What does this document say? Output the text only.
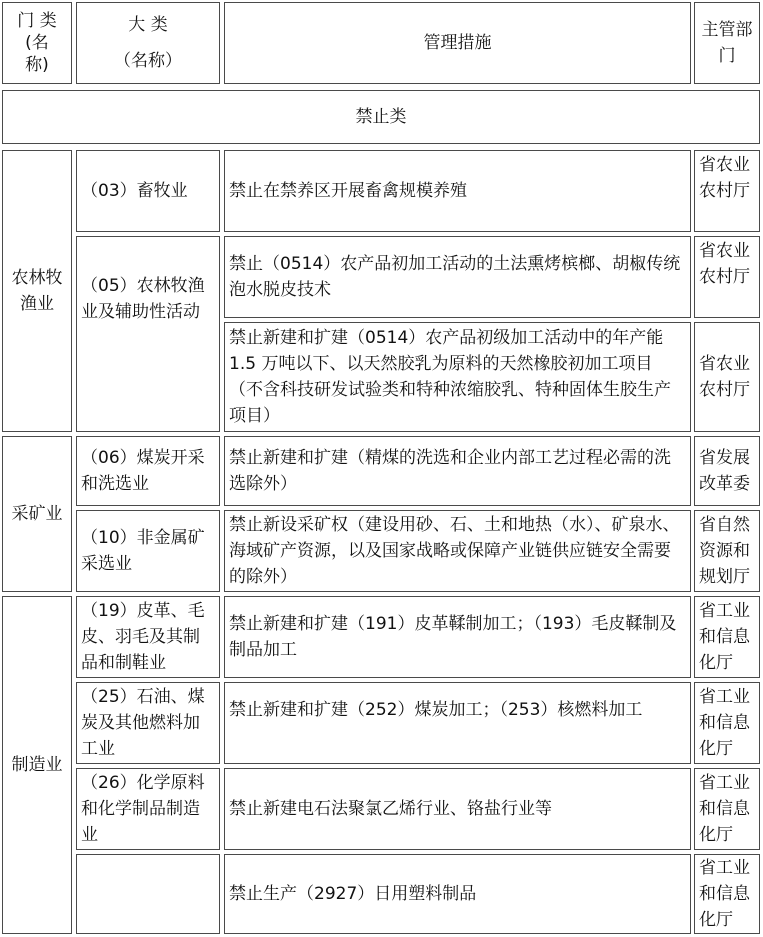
门 类
(名
称)
大 类
（名称）
管理措施
主管部门
禁止类
农林牧渔业
（03）畜牧业 禁止在禁养区开展畜禽规模养殖
省农业农村厅
（05）农林牧渔业及辅助性活动
禁止（0514）农产品初加工活动的土法熏烤槟榔、胡椒传统泡水脱皮技术
省农业农村厅
禁止新建和扩建（0514）农产品初级加工活动中的年产能 1.5 万吨以下、以天然胶乳为原料的天然橡胶初加工项目（不含科技研发试验类和特种浓缩胶乳、特种固体生胶生产项目）
省农业农村厅
采矿业
（06）煤炭开采和洗选业
禁止新建和扩建（精煤的洗选和企业内部工艺过程必需的洗选除外）
省发展改革委
（10）非金属矿采选业
禁止新设采矿权（建设用砂、石、土和地热（水）、矿泉水、海域矿产资源，以及国家战略或保障产业链供应链安全需要的除外）
省自然资源和规划厅
制造业
（19）皮革、毛皮、羽毛及其制品和制鞋业
禁止新建和扩建（191）皮革鞣制加工；（193）毛皮鞣制及制品加工
省工业和信息化厅
（25）石油、煤炭及其他燃料加工业
禁止新建和扩建（252）煤炭加工；（253）核燃料加工
省工业和信息化厅
（26）化学原料和化学制品制造业
禁止新建电石法聚氯乙烯行业、铬盐行业等
省工业和信息化厅
禁止生产（2927）日用塑料制品
省工业和信息化厅
